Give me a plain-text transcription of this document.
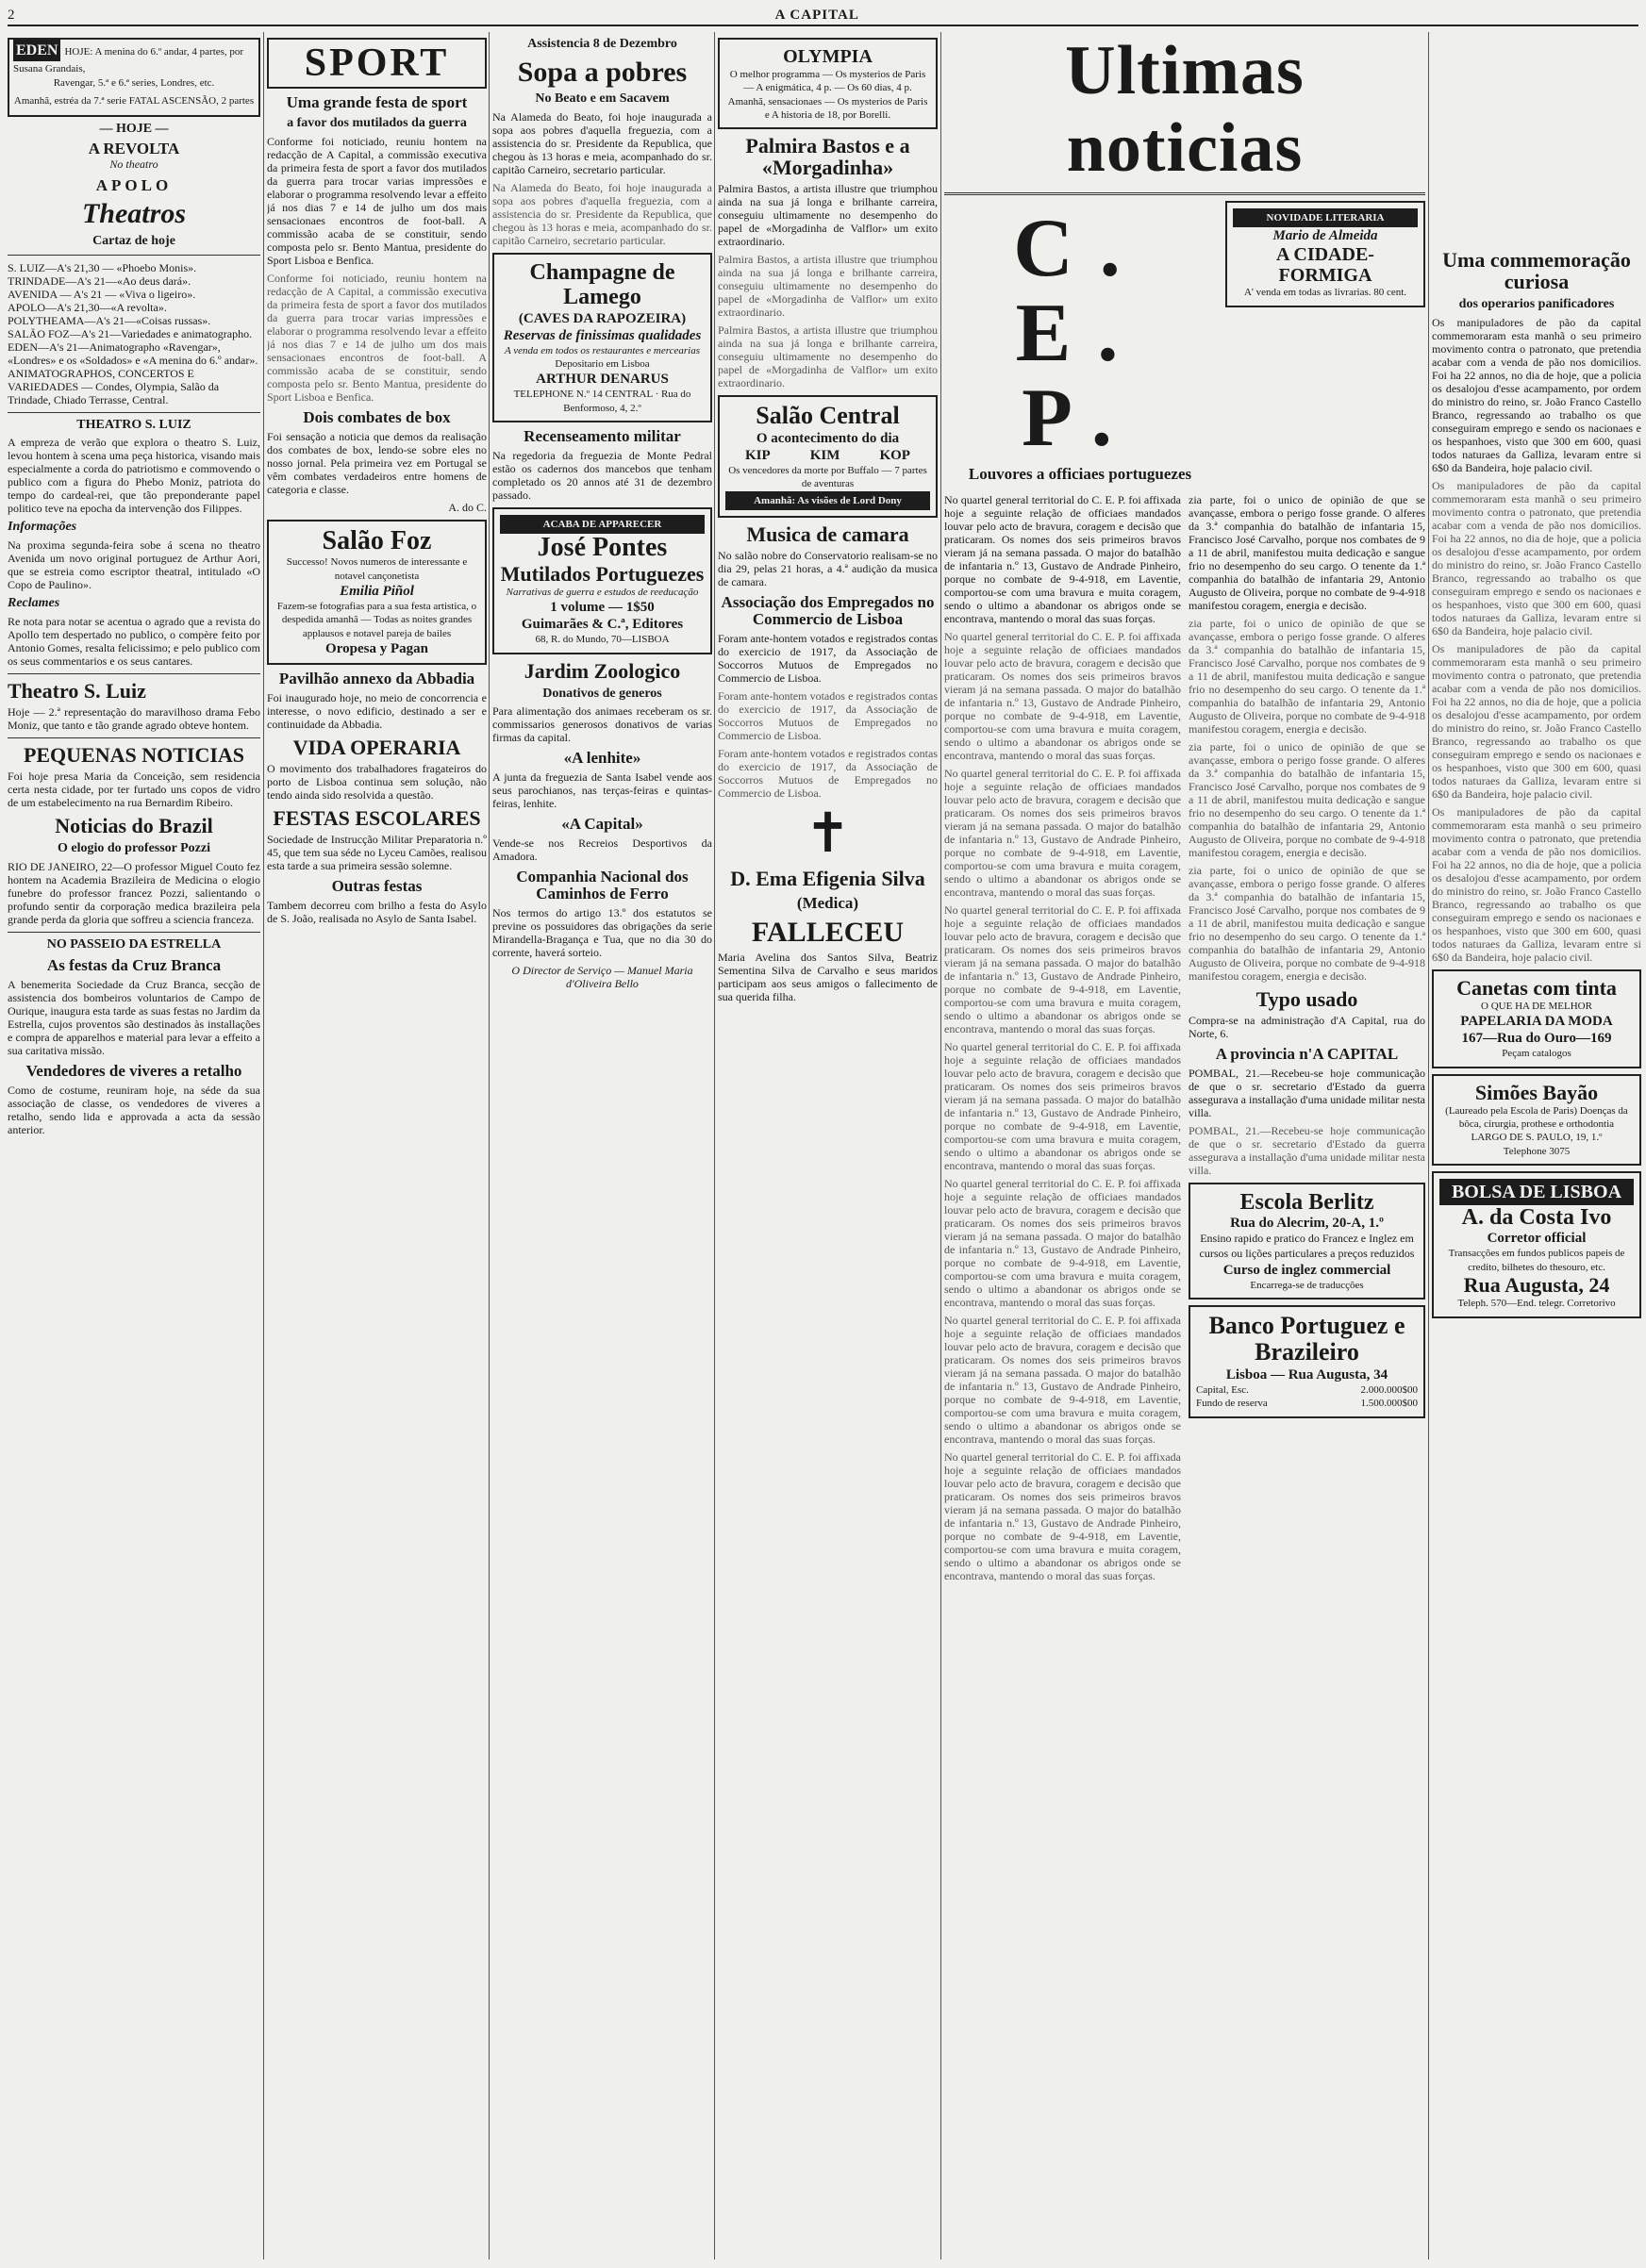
2	A CAPITAL
EDEN HOJE: A menina do 6.º andar, 4 partes, por Susana Grandais,
Ravengar, 5.ª e 6.ª series, Londres, etc.
Amanhã, estréa da 7.ª serie FATAL ASCENSÃO, 2 partes
— HOJE —
A REVOLTA
No theatro
APOLO
Theatros
Cartaz de hoje
S. LUIZ—A's 21,30 — «Phoebo Monis».
TRINDADE—A's 21—«Ao deus dará».
AVENIDA — A's 21 — «Viva o ligeiro».
APOLO—A's 21,30—«A revolta».
POLYTHEAMA—A's 21—«Coisas russas».
SALÃO FOZ—A's 21—Variedades e animatographo.
EDEN—A's 21—Animatographo «Ravengar», «Londres» e os «Soldados» e «A menina do 6.º andar».
ANIMATOGRAPHOS, CONCERTOS E VARIEDADES — Condes, Olympia, Salão da Trindade, Chiado Terrasse, Central.
THEATRO S. LUIZ

A empreza de verão que explora o theatro S. Luiz, levou hontem à scena uma peça historica, visando mais especialmente a corda do patriotismo e commovendo o publico com a figura do Phebo Moniz, patriota do tempo do cardeal-rei, que tão preponderante papel politico teve na epocha da intervenção dos Filippes.

Informações

Na proxima segunda-feira sobe á scena no theatro Avenida um novo original portuguez de Arthur Aori, que se estreia como escriptor theatral, intitulado «O Copo de Paulino».

Reclames

Re nota para notar se acentua o agrado que a revista do Apollo tem despertado no publico, o compère feito por Antonio Gomes, resalta felicissimo; e pelo publico com os seus commentarios e os seus cantares.

Theatro S. Luiz

Hoje — 2.ª representação do maravilhoso drama Febo Moniz, que tanto e tão grande agrado obteve hontem.

PEQUENAS NOTICIAS

Foi hoje presa Maria da Conceição, sem residencia certa nesta cidade, por ter furtado uns copos de vidro de um estabelecimento na rua Bernardim Ribeiro.

Noticias do Brazil
O elogio do professor Pozzi

RIO DE JANEIRO, 22—O professor Miguel Couto fez hontem na Academia Brazileira de Medicina o elogio funebre do professor francez Pozzi, salientando o profundo sentir da corporação medica brazileira pela grande perda da gloria que soffreu a sciencia franceza.

NO PASSEIO DA ESTRELLA
As festas da Cruz Branca

A benemerita Sociedade da Cruz Branca, secção de assistencia dos bombeiros voluntarios de Campo de Ourique, inaugura esta tarde as suas festas no Jardim da Estrella, cujos proventos são destinados às installações e compra de apparelhos e material para levar a effeito a sua caritativa missão.

Vendedores de viveres a retalho

Como de costume, reuniram hoje, na séde da sua associação de classe, os vendedores de viveres a retalho, sendo lida e approvada a acta da sessão anterior.

SPORT
Uma grande festa de sport
a favor dos mutilados da guerra

Conforme foi noticiado, reuniu hontem na redacção de A Capital, a commissão executiva da primeira festa de sport a favor dos mutilados da guerra para trocar varias impressões e elaborar o programma resolvendo levar a effeito já nos dias 7 e 14 de julho um dos mais sensacionaes encontros de foot-ball. A commissão acaba de se constituir, sendo composta pelo sr. Bento Mantua, presidente do Sport Lisboa e Benfica.

Conforme foi noticiado, reuniu hontem na redacção de A Capital, a commissão executiva da primeira festa de sport a favor dos mutilados da guerra para trocar varias impressões e elaborar o programma resolvendo levar a effeito já nos dias 7 e 14 de julho um dos mais sensacionaes encontros de foot-ball. A commissão acaba de se constituir, sendo composta pelo sr. Bento Mantua, presidente do Sport Lisboa e Benfica.

Dois combates de box

Foi sensação a noticia que demos da realisação dos combates de box, lendo-se sobre eles no nosso jornal. Pela primeira vez em Portugal se vêm combates verdadeiros entre homens de categoria e classe.

A. do C.
Salão Foz
Successo! Novos numeros de interessante e notavel cançonetista
Emilia Piñol
Fazem-se fotografias para a sua festa artistica, o despedida amanhã — Todas as noites grandes applausos e notavel pareja de bailes
Oropesa y Pagan
Pavilhão annexo da Abbadia

Foi inaugurado hoje, no meio de concorrencia e interesse, o novo edificio, destinado a ser e continuidade da Abbadia.

VIDA OPERARIA

O movimento dos trabalhadores fragateiros do porto de Lisboa continua sem solução, não tendo ainda sido resolvida a questão.

FESTAS ESCOLARES

Sociedade de Instrucção Militar Preparatoria n.º 45, que tem sua séde no Lyceu Camões, realisou esta tarde a sua primeira sessão solemne.

Outras festas

Tambem decorreu com brilho a festa do Asylo de S. João, realisada no Asylo de Santa Isabel.

Assistencia 8 de Dezembro
Sopa a pobres
No Beato e em Sacavem

Na Alameda do Beato, foi hoje inaugurada a sopa aos pobres d'aquella freguezia, com a assistencia do sr. Presidente da Republica, que chegou às 13 horas e meia, acompanhado do sr. capitão Carneiro, secretario particular.

Na Alameda do Beato, foi hoje inaugurada a sopa aos pobres d'aquella freguezia, com a assistencia do sr. Presidente da Republica, que chegou às 13 horas e meia, acompanhado do sr. capitão Carneiro, secretario particular.

Champagne de Lamego
(CAVES DA RAPOZEIRA)
Reservas de finissimas qualidades
A venda em todos os restaurantes e mercearias
Depositario em Lisboa
ARTHUR DENARUS
TELEPHONE N.º 14 CENTRAL · Rua do Benformoso, 4, 2.º
Recenseamento militar

Na regedoria da freguezia de Monte Pedral estão os cadernos dos mancebos que tenham completado os 20 annos até 31 de dezembro passado.

ACABA DE APPARECER
José Pontes
Mutilados Portuguezes
Narrativas de guerra e estudos de reeducação
1 volume — 1$50
Guimarães & C.ª, Editores
68, R. do Mundo, 70—LISBOA
Jardim Zoologico
Donativos de generos

Para alimentação dos animaes receberam os sr. commissarios generosos donativos de varias firmas da capital.

«A lenhite»

A junta da freguezia de Santa Isabel vende aos seus parochianos, nas terças-feiras e quintas-feiras, lenhite.

«A Capital»

Vende-se nos Recreios Desportivos da Amadora.

Companhia Nacional dos Caminhos de Ferro

Nos termos do artigo 13.º dos estatutos se previne os possuidores das obrigações da serie Mirandella-Bragança e Tua, que no dia 30 do corrente, haverá sorteio.

O Director de Serviço — Manuel Maria d'Oliveira Bello
OLYMPIA
O melhor programma — Os mysterios de Paris — A enigmática, 4 p. — Os 60 dias, 4 p.
Amanhã, sensacionaes — Os mysterios de Paris e A historia de 18, por Borelli.
Palmira Bastos e a «Morgadinha»

Palmira Bastos, a artista illustre que triumphou ainda na sua já longa e brilhante carreira, conseguiu ultimamente no desempenho do papel de «Morgadinha de Valflor» um exito extraordinario.

Palmira Bastos, a artista illustre que triumphou ainda na sua já longa e brilhante carreira, conseguiu ultimamente no desempenho do papel de «Morgadinha de Valflor» um exito extraordinario.

Palmira Bastos, a artista illustre que triumphou ainda na sua já longa e brilhante carreira, conseguiu ultimamente no desempenho do papel de «Morgadinha de Valflor» um exito extraordinario.

Salão Central
O acontecimento do dia
KIP	KIM	KOP
Os vencedores da morte por Buffalo — 7 partes de aventuras
Amanhã: As visões de Lord Dony
Musica de camara

No salão nobre do Conservatorio realisam-se no dia 29, pelas 21 horas, a 4.ª audição da musica de camara.

Associação dos Empregados no Commercio de Lisboa

Foram ante-hontem votados e registrados contas do exercicio de 1917, da Associação de Soccorros Mutuos de Empregados no Commercio de Lisboa.

Foram ante-hontem votados e registrados contas do exercicio de 1917, da Associação de Soccorros Mutuos de Empregados no Commercio de Lisboa.

Foram ante-hontem votados e registrados contas do exercicio de 1917, da Associação de Soccorros Mutuos de Empregados no Commercio de Lisboa.

✝
D. Ema Efigenia Silva
(Medica)
FALLECEU

Maria Avelina dos Santos Silva, Beatriz Sementina Silva de Carvalho e seus maridos participam aos seus amigos o fallecimento de sua querida filha.

Ultimas noticias
C. E. P.
Louvores a officiaes portuguezes
NOVIDADE LITERARIA
Mario de Almeida
A CIDADE-FORMIGA
A' venda em todas as livrarias. 80 cent.

No quartel general territorial do C. E. P. foi affixada hoje a seguinte relação de officiaes mandados louvar pelo acto de bravura, coragem e decisão que praticaram. Os nomes dos seis primeiros bravos vieram já na semana passada. O major do batalhão de infantaria n.º 13, Gustavo de Andrade Pinheiro, porque no combate de 9-4-918, em Laventie, comportou-se com uma bravura e muita coragem, sendo o ultimo a abandonar os abrigos onde se encontrava, mantendo o moral das suas forças.

No quartel general territorial do C. E. P. foi affixada hoje a seguinte relação de officiaes mandados louvar pelo acto de bravura, coragem e decisão que praticaram. Os nomes dos seis primeiros bravos vieram já na semana passada. O major do batalhão de infantaria n.º 13, Gustavo de Andrade Pinheiro, porque no combate de 9-4-918, em Laventie, comportou-se com uma bravura e muita coragem, sendo o ultimo a abandonar os abrigos onde se encontrava, mantendo o moral das suas forças.

No quartel general territorial do C. E. P. foi affixada hoje a seguinte relação de officiaes mandados louvar pelo acto de bravura, coragem e decisão que praticaram. Os nomes dos seis primeiros bravos vieram já na semana passada. O major do batalhão de infantaria n.º 13, Gustavo de Andrade Pinheiro, porque no combate de 9-4-918, em Laventie, comportou-se com uma bravura e muita coragem, sendo o ultimo a abandonar os abrigos onde se encontrava, mantendo o moral das suas forças.

No quartel general territorial do C. E. P. foi affixada hoje a seguinte relação de officiaes mandados louvar pelo acto de bravura, coragem e decisão que praticaram. Os nomes dos seis primeiros bravos vieram já na semana passada. O major do batalhão de infantaria n.º 13, Gustavo de Andrade Pinheiro, porque no combate de 9-4-918, em Laventie, comportou-se com uma bravura e muita coragem, sendo o ultimo a abandonar os abrigos onde se encontrava, mantendo o moral das suas forças.

No quartel general territorial do C. E. P. foi affixada hoje a seguinte relação de officiaes mandados louvar pelo acto de bravura, coragem e decisão que praticaram. Os nomes dos seis primeiros bravos vieram já na semana passada. O major do batalhão de infantaria n.º 13, Gustavo de Andrade Pinheiro, porque no combate de 9-4-918, em Laventie, comportou-se com uma bravura e muita coragem, sendo o ultimo a abandonar os abrigos onde se encontrava, mantendo o moral das suas forças.

No quartel general territorial do C. E. P. foi affixada hoje a seguinte relação de officiaes mandados louvar pelo acto de bravura, coragem e decisão que praticaram. Os nomes dos seis primeiros bravos vieram já na semana passada. O major do batalhão de infantaria n.º 13, Gustavo de Andrade Pinheiro, porque no combate de 9-4-918, em Laventie, comportou-se com uma bravura e muita coragem, sendo o ultimo a abandonar os abrigos onde se encontrava, mantendo o moral das suas forças.

No quartel general territorial do C. E. P. foi affixada hoje a seguinte relação de officiaes mandados louvar pelo acto de bravura, coragem e decisão que praticaram. Os nomes dos seis primeiros bravos vieram já na semana passada. O major do batalhão de infantaria n.º 13, Gustavo de Andrade Pinheiro, porque no combate de 9-4-918, em Laventie, comportou-se com uma bravura e muita coragem, sendo o ultimo a abandonar os abrigos onde se encontrava, mantendo o moral das suas forças.

No quartel general territorial do C. E. P. foi affixada hoje a seguinte relação de officiaes mandados louvar pelo acto de bravura, coragem e decisão que praticaram. Os nomes dos seis primeiros bravos vieram já na semana passada. O major do batalhão de infantaria n.º 13, Gustavo de Andrade Pinheiro, porque no combate de 9-4-918, em Laventie, comportou-se com uma bravura e muita coragem, sendo o ultimo a abandonar os abrigos onde se encontrava, mantendo o moral das suas forças.

zia parte, foi o unico de opinião de que se avançasse, embora o perigo fosse grande. O alferes da 3.ª companhia do batalhão de infantaria 15, Francisco José Carvalho, porque nos combates de 9 a 11 de abril, manifestou muita dedicação e sangue frio no desempenho do seu cargo. O tenente da 1.ª companhia do batalhão de infantaria 29, Antonio Augusto de Oliveira, porque no combate de 9-4-918 manifestou coragem, energia e decisão.

zia parte, foi o unico de opinião de que se avançasse, embora o perigo fosse grande. O alferes da 3.ª companhia do batalhão de infantaria 15, Francisco José Carvalho, porque nos combates de 9 a 11 de abril, manifestou muita dedicação e sangue frio no desempenho do seu cargo. O tenente da 1.ª companhia do batalhão de infantaria 29, Antonio Augusto de Oliveira, porque no combate de 9-4-918 manifestou coragem, energia e decisão.

zia parte, foi o unico de opinião de que se avançasse, embora o perigo fosse grande. O alferes da 3.ª companhia do batalhão de infantaria 15, Francisco José Carvalho, porque nos combates de 9 a 11 de abril, manifestou muita dedicação e sangue frio no desempenho do seu cargo. O tenente da 1.ª companhia do batalhão de infantaria 29, Antonio Augusto de Oliveira, porque no combate de 9-4-918 manifestou coragem, energia e decisão.

zia parte, foi o unico de opinião de que se avançasse, embora o perigo fosse grande. O alferes da 3.ª companhia do batalhão de infantaria 15, Francisco José Carvalho, porque nos combates de 9 a 11 de abril, manifestou muita dedicação e sangue frio no desempenho do seu cargo. O tenente da 1.ª companhia do batalhão de infantaria 29, Antonio Augusto de Oliveira, porque no combate de 9-4-918 manifestou coragem, energia e decisão.

Typo usado

Compra-se na administração d'A Capital, rua do Norte, 6.

A provincia n'A CAPITAL

POMBAL, 21.—Recebeu-se hoje communicação de que o sr. secretario d'Estado da guerra assegurava a installação d'uma unidade militar nesta villa.

POMBAL, 21.—Recebeu-se hoje communicação de que o sr. secretario d'Estado da guerra assegurava a installação d'uma unidade militar nesta villa.

Escola Berlitz
Rua do Alecrim, 20-A, 1.º
Ensino rapido e pratico do Francez e Inglez em cursos ou lições particulares a preços reduzidos
Curso de inglez commercial
Encarrega-se de traducções
Banco Portuguez e Brazileiro
Lisboa — Rua Augusta, 34
Capital, Esc.	2.000.000$00
Fundo de reserva	1.500.000$00
Uma commemoração curiosa
dos operarios panificadores

Os manipuladores de pão da capital commemoraram esta manhã o seu primeiro movimento contra o patronato, que pretendia acabar com a venda de pão nos domicilios. Foi ha 22 annos, no dia de hoje, que a policia os desalojou d'esse acampamento, por ordem do ministro do reino, sr. João Franco Castello Branco, regressando ao trabalho os que conseguiram emprego e sendo os nacionaes e os hespanhoes, visto que 300 em 600, quasi todos naturaes da Galliza, levaram entre si 6$0 da Bandeira, hoje palacio civil.

Os manipuladores de pão da capital commemoraram esta manhã o seu primeiro movimento contra o patronato, que pretendia acabar com a venda de pão nos domicilios. Foi ha 22 annos, no dia de hoje, que a policia os desalojou d'esse acampamento, por ordem do ministro do reino, sr. João Franco Castello Branco, regressando ao trabalho os que conseguiram emprego e sendo os nacionaes e os hespanhoes, visto que 300 em 600, quasi todos naturaes da Galliza, levaram entre si 6$0 da Bandeira, hoje palacio civil.

Os manipuladores de pão da capital commemoraram esta manhã o seu primeiro movimento contra o patronato, que pretendia acabar com a venda de pão nos domicilios. Foi ha 22 annos, no dia de hoje, que a policia os desalojou d'esse acampamento, por ordem do ministro do reino, sr. João Franco Castello Branco, regressando ao trabalho os que conseguiram emprego e sendo os nacionaes e os hespanhoes, visto que 300 em 600, quasi todos naturaes da Galliza, levaram entre si 6$0 da Bandeira, hoje palacio civil.

Os manipuladores de pão da capital commemoraram esta manhã o seu primeiro movimento contra o patronato, que pretendia acabar com a venda de pão nos domicilios. Foi ha 22 annos, no dia de hoje, que a policia os desalojou d'esse acampamento, por ordem do ministro do reino, sr. João Franco Castello Branco, regressando ao trabalho os que conseguiram emprego e sendo os nacionaes e os hespanhoes, visto que 300 em 600, quasi todos naturaes da Galliza, levaram entre si 6$0 da Bandeira, hoje palacio civil.

Canetas com tinta
O QUE HA DE MELHOR
PAPELARIA DA MODA
167—Rua do Ouro—169
Peçam catalogos
Simões Bayão
(Laureado pela Escola de Paris) Doenças da bôca, cirurgia, prothese e orthodontia
LARGO DE S. PAULO, 19, 1.º
Telephone 3075
BOLSA DE LISBOA
A. da Costa Ivo
Corretor official
Transacções em fundos publicos papeis de credito, bilhetes do thesouro, etc.
Rua Augusta, 24
Teleph. 570—End. telegr. Corretorivo
